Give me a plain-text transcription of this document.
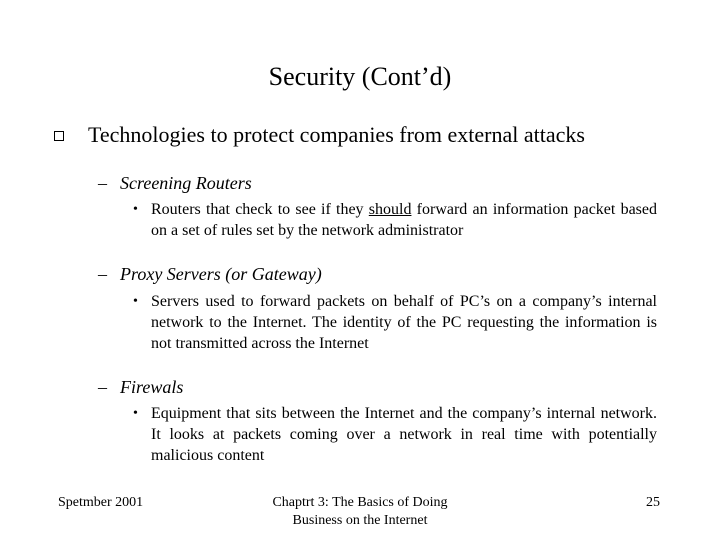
Security (Cont’d)
Technologies to protect companies from external attacks
– Screening Routers
• Routers that check to see if they should forward an information packet based on a set of rules set by the network administrator
– Proxy Servers (or Gateway)
• Servers used to forward packets on behalf of PC’s on a company’s internal network to the Internet. The identity of the PC requesting the information is not transmitted across the Internet
– Firewals
• Equipment that sits between the Internet and the company’s internal network. It looks at packets coming over a network in real time with potentially malicious content
Spetmber 2001	Chaptrt 3: The Basics of Doing
Business on the Internet
25
